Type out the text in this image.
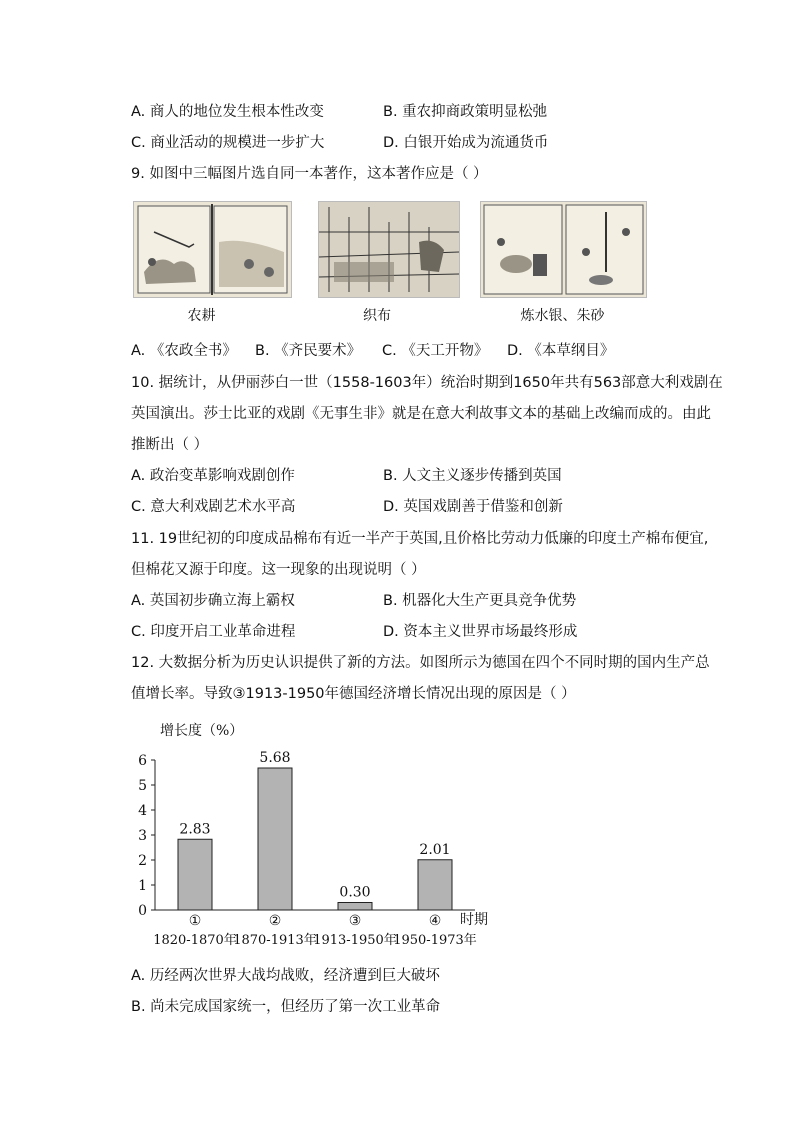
A. 商人的地位发生根本性改变	B. 重农抑商政策明显松弛
C. 商业活动的规模进一步扩大	D. 白银开始成为流通货币
9. 如图中三幅图片选自同一本著作，这本著作应是（ ）
农耕	织布	炼水银、朱砂
A. 《农政全书》 B. 《齐民要术》 C. 《天工开物》 D. 《本草纲目》
10. 据统计，从伊丽莎白一世（1558-1603年）统治时期到1650年共有563部意大利戏剧在
英国演出。莎士比亚的戏剧《无事生非》就是在意大利故事文本的基础上改编而成的。由此
推断出（ ）
A. 政治变革影响戏剧创作	B. 人文主义逐步传播到英国
C. 意大利戏剧艺术水平高	D. 英国戏剧善于借鉴和创新
11. 19世纪初的印度成品棉布有近一半产于英国,且价格比劳动力低廉的印度土产棉布便宜,
但棉花又源于印度。这一现象的出现说明（ ）
A. 英国初步确立海上霸权	B. 机器化大生产更具竞争优势
C. 印度开启工业革命进程	D. 资本主义世界市场最终形成
12. 大数据分析为历史认识提供了新的方法。如图所示为德国在四个不同时期的国内生产总
值增长率。导致③1913-1950年德国经济增长情况出现的原因是（ ）
增长度（%）
0
1
2
3
4
5
6
2.83
5.68
0.30
2.01
①	②	③	④
1820-1870年
1870-1913年
1913-1950年
1950-1973年
时期
A. 历经两次世界大战均战败，经济遭到巨大破坏
B. 尚未完成国家统一，但经历了第一次工业革命
